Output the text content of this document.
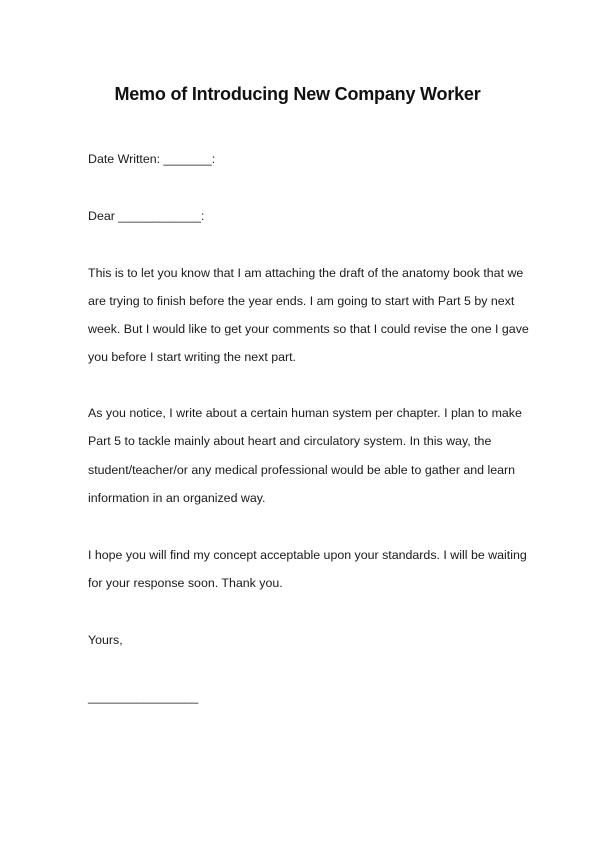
Memo of Introducing New Company Worker
Date Written: _______:
Dear ____________:
This is to let you know that I am attaching the draft of the anatomy book that we
are trying to finish before the year ends. I am going to start with Part 5 by next
week. But I would like to get your comments so that I could revise the one I gave
you before I start writing the next part.
As you notice, I write about a certain human system per chapter. I plan to make
Part 5 to tackle mainly about heart and circulatory system. In this way, the
student/teacher/or any medical professional would be able to gather and learn
information in an organized way.
I hope you will find my concept acceptable upon your standards. I will be waiting
for your response soon. Thank you.
Yours,
________________
